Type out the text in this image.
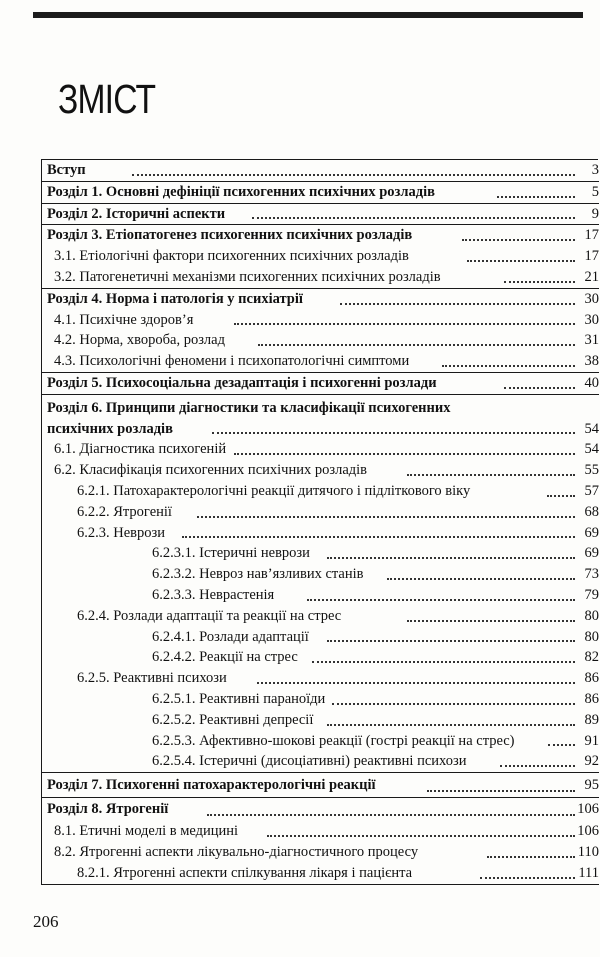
ЗМІСТ
Вступ	3
Розділ 1. Основні дефініції психогенних психічних розладів	5
Розділ 2. Історичні аспекти	9
Розділ 3. Етіопатогенез психогенних психічних розладів	17
3.1. Етіологічні фактори психогенних психічних розладів	17
3.2. Патогенетичні механізми психогенних психічних розладів	21
Розділ 4. Норма і патологія у психіатрії	30
4.1. Психічне здоров’я	30
4.2. Норма, хвороба, розлад	31
4.3. Психологічні феномени і психопатологічні симптоми	38
Розділ 5. Психосоціальна дезадаптація і психогенні розлади	40
Розділ 6. Принципи діагностики та класифікації психогенних
психічних розладів	54
6.1. Діагностика психогеній	54
6.2. Класифікація психогенних психічних розладів	55
6.2.1. Патохарактерологічні реакції дитячого і підліткового віку	57
6.2.2. Ятрогенії	68
6.2.3. Неврози	69
6.2.3.1. Істеричні неврози	69
6.2.3.2. Невроз нав’язливих станів	73
6.2.3.3. Неврастенія	79
6.2.4. Розлади адаптації та реакції на стрес	80
6.2.4.1. Розлади адаптації	80
6.2.4.2. Реакції на стрес	82
6.2.5. Реактивні психози	86
6.2.5.1. Реактивні параноїди	86
6.2.5.2. Реактивні депресії	89
6.2.5.3. Афективно-шокові реакції (гострі реакції на стрес)	91
6.2.5.4. Істеричні (дисоціативні) реактивні психози	92
Розділ 7. Психогенні патохарактерологічні реакції	95
Розділ 8. Ятрогенії	106
8.1. Етичні моделі в медицині	106
8.2. Ятрогенні аспекти лікувально-діагностичного процесу	110
8.2.1. Ятрогенні аспекти спілкування лікаря і пацієнта	111
206
